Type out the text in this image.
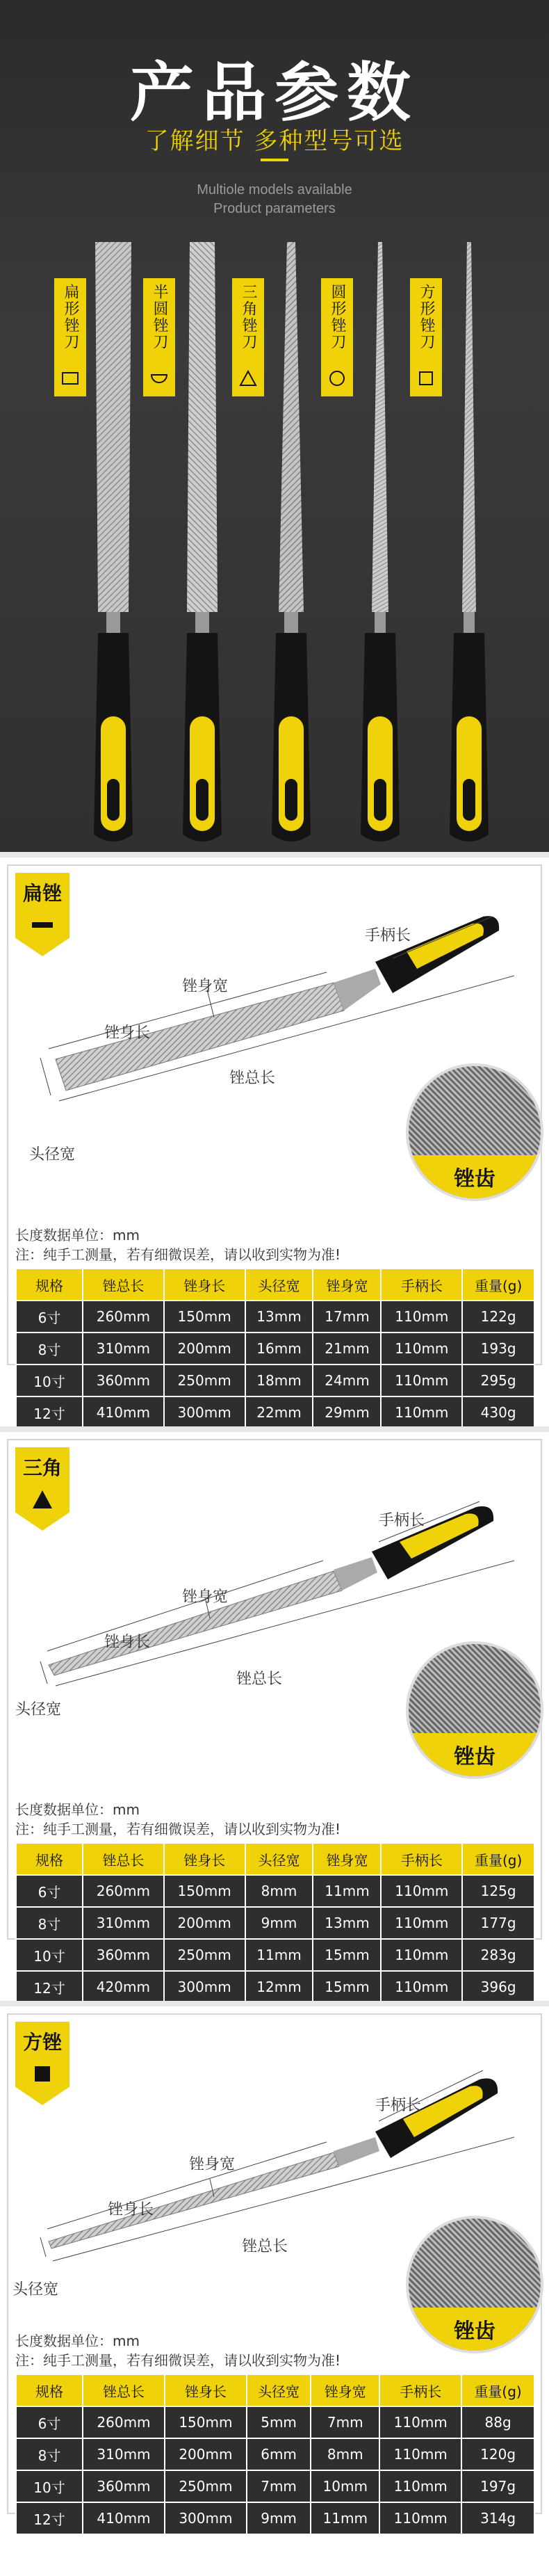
产品参数
了解细节 多种型号可选
Multiole models available
Product parameters
扁形锉刀	半圆锉刀	三角锉刀	圆形锉刀	方形锉刀
扁锉
手柄长
锉身宽
锉身长
锉总长
头径宽
锉齿
长度数据单位：mm
注：纯手工测量，若有细微误差，请以收到实物为准!
规格	锉总长	锉身长	头径宽	锉身宽	手柄长	重量(g)
6寸	260mm	150mm	13mm	17mm	110mm	122g
8寸	310mm	200mm	16mm	21mm	110mm	193g
10寸	360mm	250mm	18mm	24mm	110mm	295g
12寸	410mm	300mm	22mm	29mm	110mm	430g
三角
手柄长
锉身宽
锉身长
锉总长
头径宽
锉齿
长度数据单位：mm
注：纯手工测量，若有细微误差，请以收到实物为准!
规格	锉总长	锉身长	头径宽	锉身宽	手柄长	重量(g)
6寸	260mm	150mm	8mm	11mm	110mm	125g
8寸	310mm	200mm	9mm	13mm	110mm	177g
10寸	360mm	250mm	11mm	15mm	110mm	283g
12寸	420mm	300mm	12mm	15mm	110mm	396g
方锉
手柄长
锉身宽
锉身长
锉总长
头径宽
锉齿
长度数据单位：mm
注：纯手工测量，若有细微误差，请以收到实物为准!
规格	锉总长	锉身长	头径宽	锉身宽	手柄长	重量(g)
6寸	260mm	150mm	5mm	7mm	110mm	88g
8寸	310mm	200mm	6mm	8mm	110mm	120g
10寸	360mm	250mm	7mm	10mm	110mm	197g
12寸	410mm	300mm	9mm	11mm	110mm	314g
